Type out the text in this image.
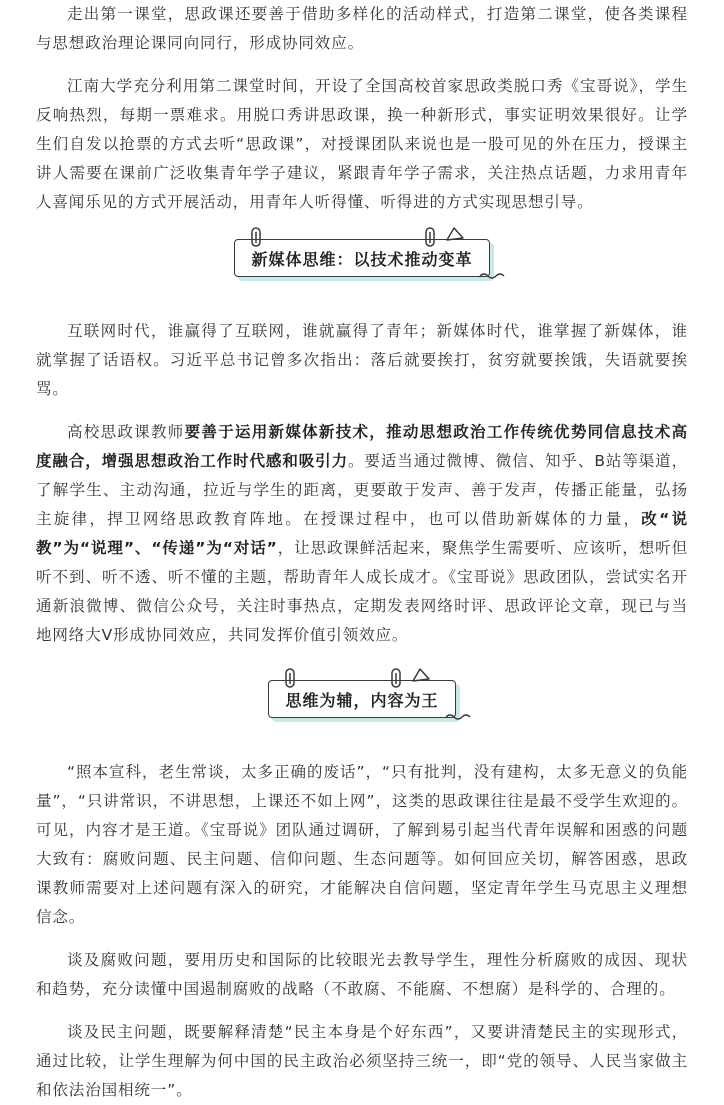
走出第一课堂，思政课还要善于借助多样化的活动样式，打造第二课堂，使各类课程与思想政治理论课同向同行，形成协同效应。

江南大学充分利用第二课堂时间，开设了全国高校首家思政类脱口秀《宝哥说》，学生反响热烈，每期一票难求。用脱口秀讲思政课，换一种新形式，事实证明效果很好。让学生们自发以抢票的方式去听“思政课”，对授课团队来说也是一股可见的外在压力，授课主讲人需要在课前广泛收集青年学子建议，紧跟青年学子需求，关注热点话题，力求用青年人喜闻乐见的方式开展活动，用青年人听得懂、听得进的方式实现思想引导。

新媒体思维：以技术推动变革

互联网时代，谁赢得了互联网，谁就赢得了青年；新媒体时代，谁掌握了新媒体，谁就掌握了话语权。习近平总书记曾多次指出：落后就要挨打，贫穷就要挨饿，失语就要挨骂。

高校思政课教师要善于运用新媒体新技术，推动思想政治工作传统优势同信息技术高度融合，增强思想政治工作时代感和吸引力。要适当通过微博、微信、知乎、B站等渠道，了解学生、主动沟通，拉近与学生的距离，更要敢于发声、善于发声，传播正能量，弘扬主旋律，捍卫网络思政教育阵地。在授课过程中，也可以借助新媒体的力量，改“说教”为“说理”、“传递”为“对话”，让思政课鲜活起来，聚焦学生需要听、应该听，想听但听不到、听不透、听不懂的主题，帮助青年人成长成才。《宝哥说》思政团队，尝试实名开通新浪微博、微信公众号，关注时事热点，定期发表网络时评、思政评论文章，现已与当地网络大V形成协同效应，共同发挥价值引领效应。

思维为辅，内容为王

“照本宣科，老生常谈，太多正确的废话”，“只有批判，没有建构，太多无意义的负能量”，“只讲常识，不讲思想，上课还不如上网”，这类的思政课往往是最不受学生欢迎的。可见，内容才是王道。《宝哥说》团队通过调研，了解到易引起当代青年误解和困惑的问题大致有：腐败问题、民主问题、信仰问题、生态问题等。如何回应关切，解答困惑，思政课教师需要对上述问题有深入的研究，才能解决自信问题，坚定青年学生马克思主义理想信念。

谈及腐败问题，要用历史和国际的比较眼光去教导学生，理性分析腐败的成因、现状和趋势，充分读懂中国遏制腐败的战略（不敢腐、不能腐、不想腐）是科学的、合理的。

谈及民主问题，既要解释清楚“民主本身是个好东西”，又要讲清楚民主的实现形式，通过比较，让学生理解为何中国的民主政治必须坚持三统一，即“党的领导、人民当家做主和依法治国相统一”。
